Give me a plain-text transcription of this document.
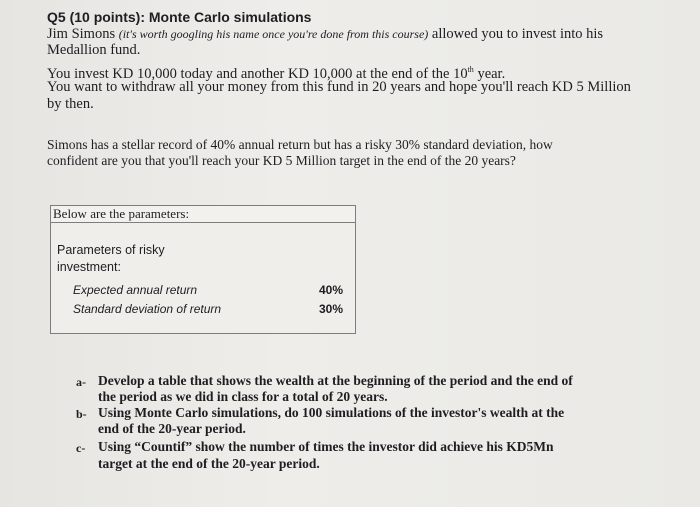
Q5 (10 points): Monte Carlo simulations
Jim Simons (it's worth googling his name once you're done from this course) allowed you to invest into his
Medallion fund.
You invest KD 10,000 today and another KD 10,000 at the end of the 10th year.
You want to withdraw all your money from this fund in 20 years and hope you'll reach KD 5 Million
by then.
Simons has a stellar record of 40% annual return but has a risky 30% standard deviation, how
confident are you that you'll reach your KD 5 Million target in the end of the 20 years?
Below are the parameters:
Parameters of risky
investment:
Expected annual return	40%
Standard deviation of return	30%
a- Develop a table that shows the wealth at the beginning of the period and the end of
the period as we did in class for a total of 20 years.
b- Using Monte Carlo simulations, do 100 simulations of the investor's wealth at the
end of the 20-year period.
c- Using “Countif” show the number of times the investor did achieve his KD5Mn
target at the end of the 20-year period.
